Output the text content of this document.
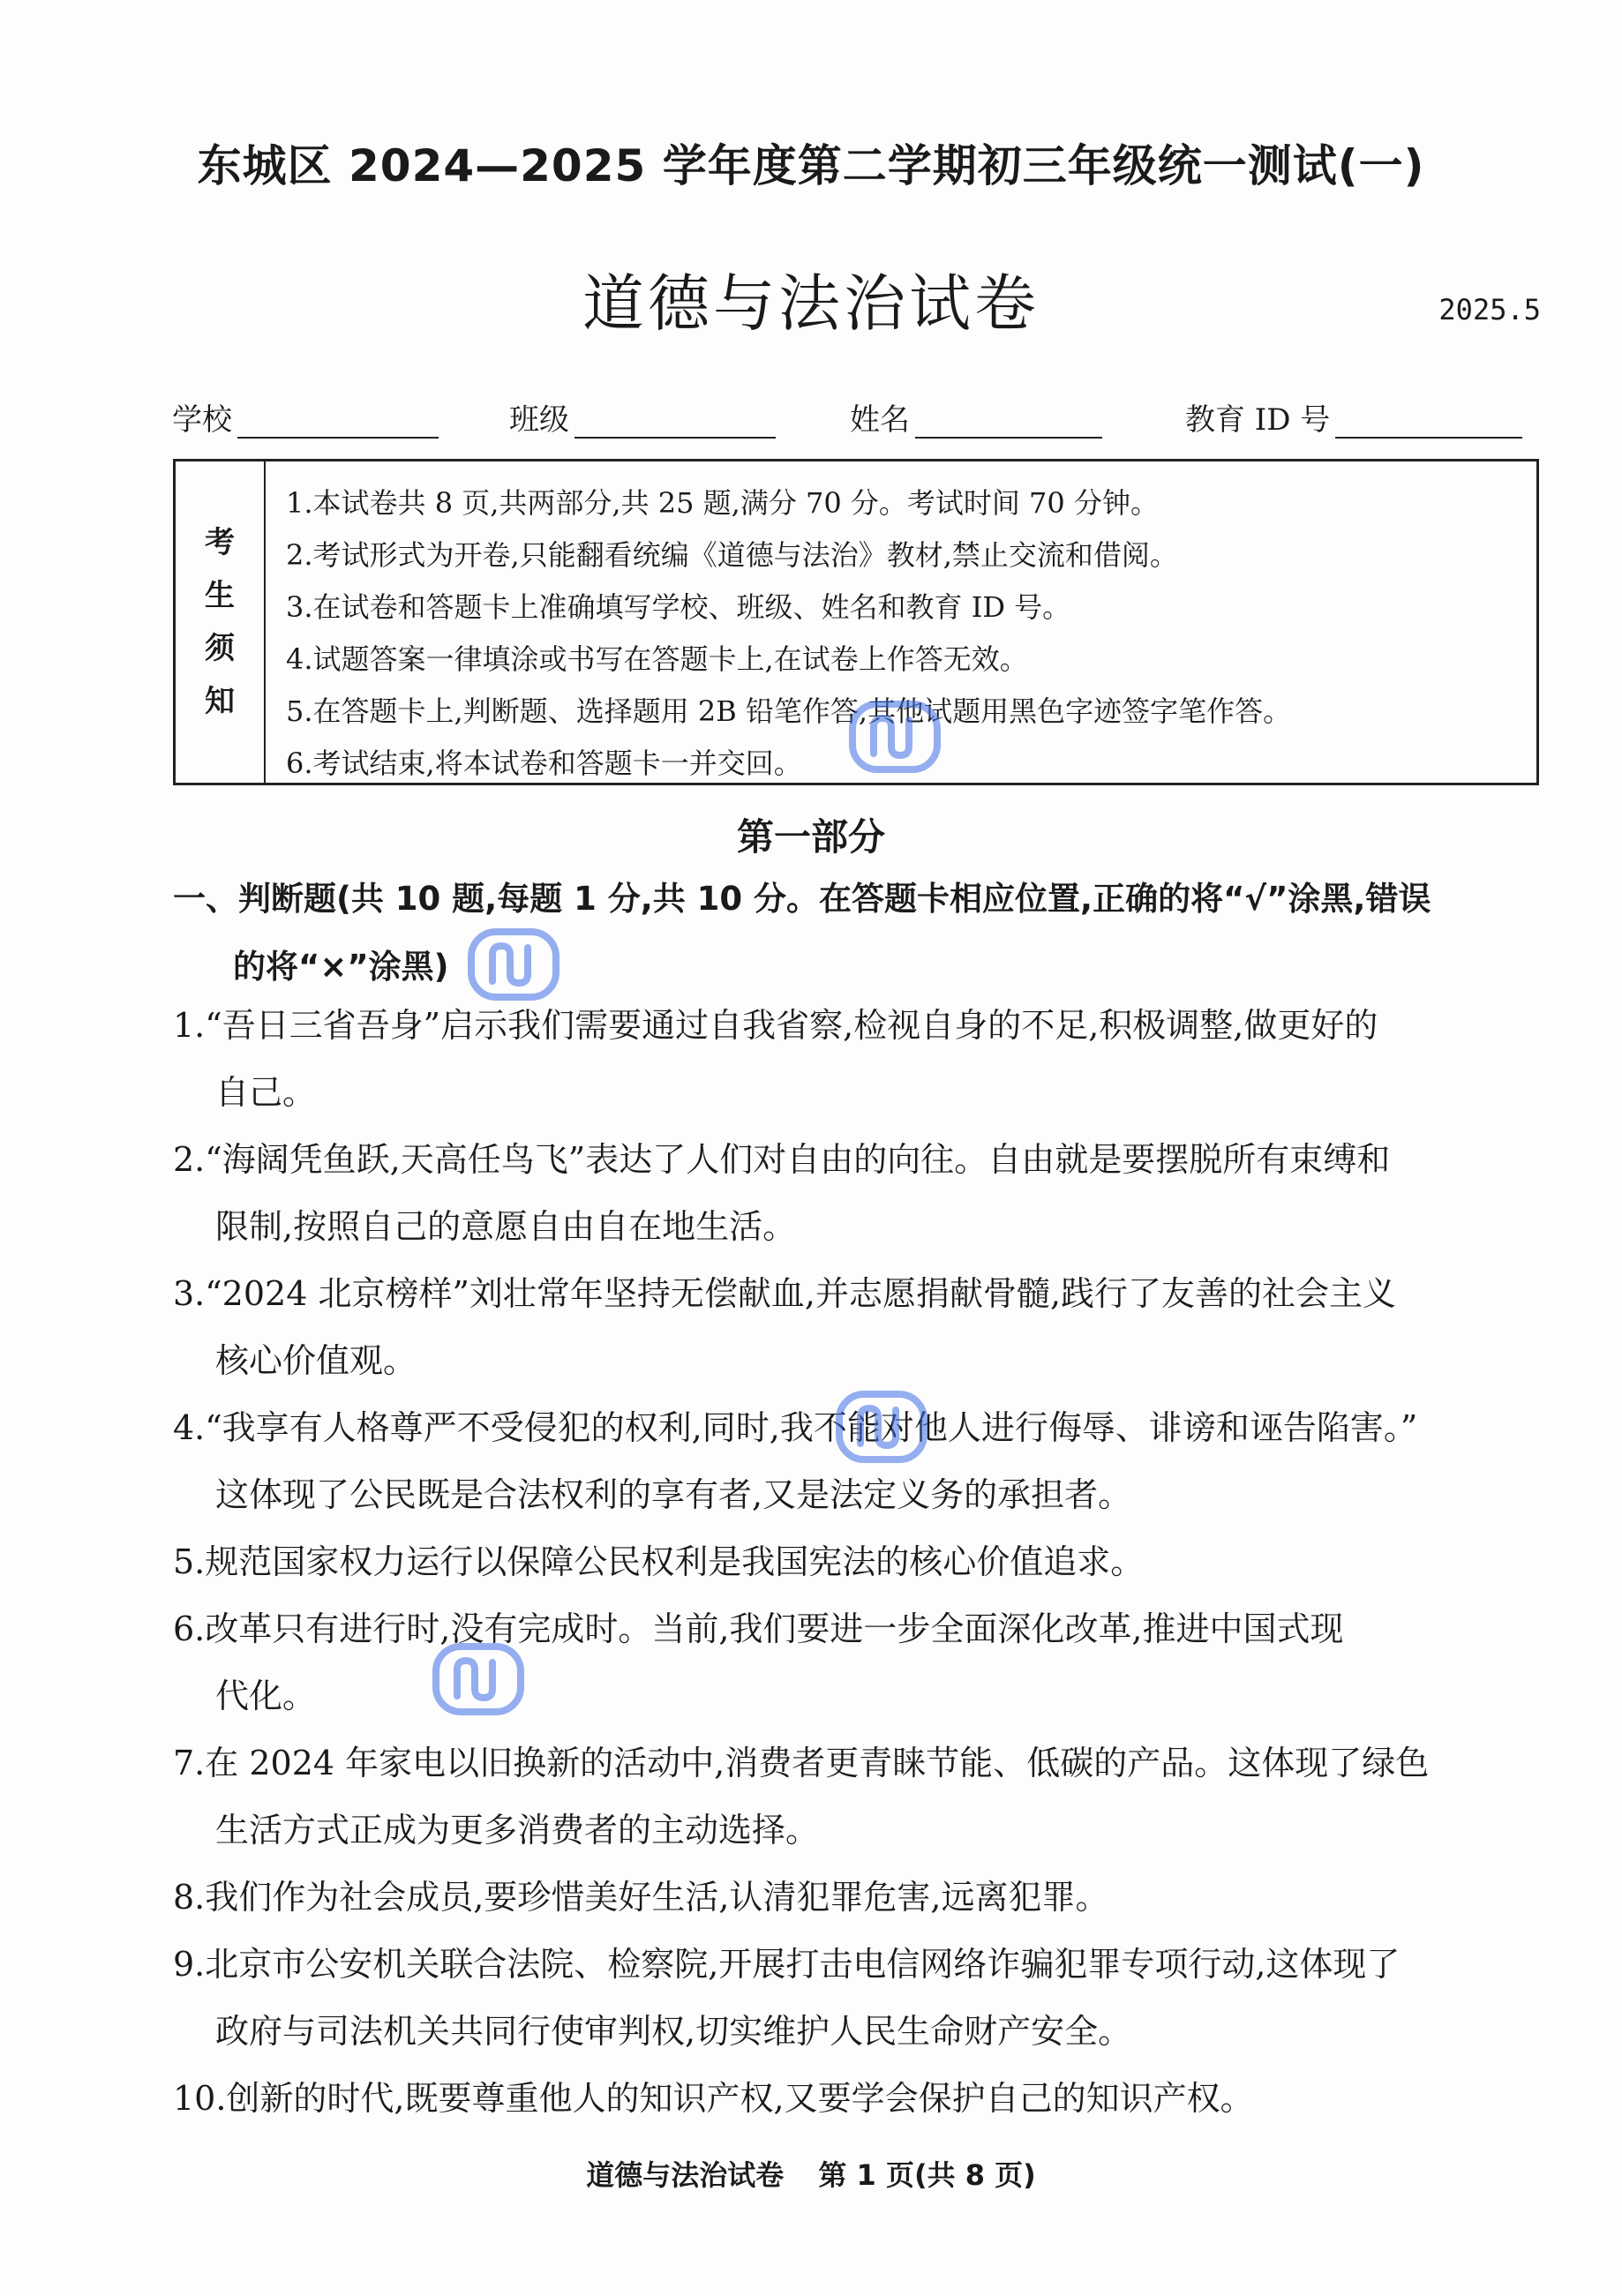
东城区 2024—2025 学年度第二学期初三年级统一测试(一)
道德与法治试卷	2025.5
学校	班级	姓名	教育 ID 号
考
生
须
知
1.本试卷共 8 页,共两部分,共 25 题,满分 70 分。考试时间 70 分钟。
2.考试形式为开卷,只能翻看统编《道德与法治》教材,禁止交流和借阅。
3.在试卷和答题卡上准确填写学校、班级、姓名和教育 ID 号。
4.试题答案一律填涂或书写在答题卡上,在试卷上作答无效。
5.在答题卡上,判断题、选择题用 2B 铅笔作答,其他试题用黑色字迹签字笔作答。
6.考试结束,将本试卷和答题卡一并交回。
第一部分
一、判断题(共 10 题,每题 1 分,共 10 分。在答题卡相应位置,正确的将“√”涂黑,错误
的将“×”涂黑)
1.“吾日三省吾身”启示我们需要通过自我省察,检视自身的不足,积极调整,做更好的
自己。
2.“海阔凭鱼跃,天高任鸟飞”表达了人们对自由的向往。自由就是要摆脱所有束缚和
限制,按照自己的意愿自由自在地生活。
3.“2024 北京榜样”刘壮常年坚持无偿献血,并志愿捐献骨髓,践行了友善的社会主义
核心价值观。
4.“我享有人格尊严不受侵犯的权利,同时,我不能对他人进行侮辱、诽谤和诬告陷害。”
这体现了公民既是合法权利的享有者,又是法定义务的承担者。
5.规范国家权力运行以保障公民权利是我国宪法的核心价值追求。
6.改革只有进行时,没有完成时。当前,我们要进一步全面深化改革,推进中国式现
代化。
7.在 2024 年家电以旧换新的活动中,消费者更青睐节能、低碳的产品。这体现了绿色
生活方式正成为更多消费者的主动选择。
8.我们作为社会成员,要珍惜美好生活,认清犯罪危害,远离犯罪。
9.北京市公安机关联合法院、检察院,开展打击电信网络诈骗犯罪专项行动,这体现了
政府与司法机关共同行使审判权,切实维护人民生命财产安全。
10.创新的时代,既要尊重他人的知识产权,又要学会保护自己的知识产权。
道德与法治试卷 第 1 页(共 8 页)
